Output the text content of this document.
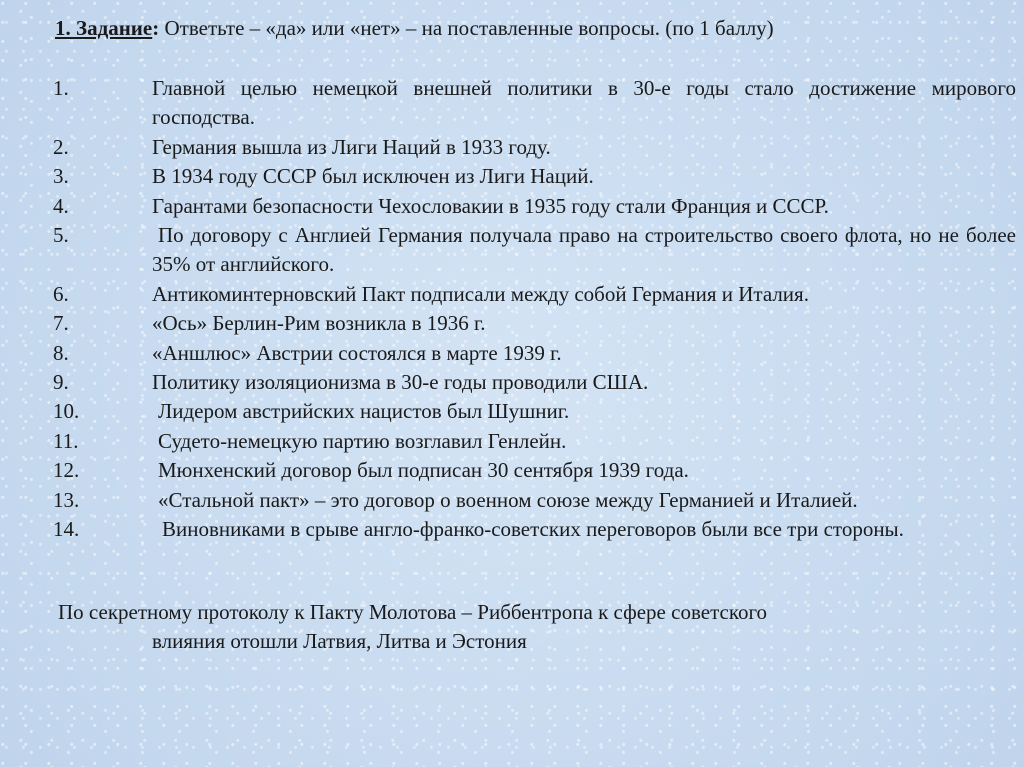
1. Задание: Ответьте – «да» или «нет» – на поставленные вопросы. (по 1 баллу)
1.	Главной целью немецкой внешней политики в 30-е годы стало достижение мирового господства.
2.	Германия вышла из Лиги Наций в 1933 году.
3.	В 1934 году СССР был исключен из Лиги Наций.
4.	Гарантами безопасности Чехословакии в 1935 году стали Франция и СССР.
5.	По договору с Англией Германия получала право на строительство своего флота, но не более 35% от английского.
6.	Антикоминтерновский Пакт подписали между собой Германия и Италия.
7.	«Ось» Берлин-Рим возникла в 1936 г.
8.	«Аншлюс» Австрии состоялся в марте 1939 г.
9.	Политику изоляционизма в 30-е годы проводили США.
10.	Лидером австрийских нацистов был Шушниг.
11.	Судето-немецкую партию возглавил Генлейн.
12.	Мюнхенский договор был подписан 30 сентября 1939 года.
13.	«Стальной пакт» – это договор о военном союзе между Германией и Италией.
14.	Виновниками в срыве англо-франко-советских переговоров были все три стороны.
По секретному протоколу к Пакту Молотова – Риббентропа к сфере советского
влияния отошли Латвия, Литва и Эстония
